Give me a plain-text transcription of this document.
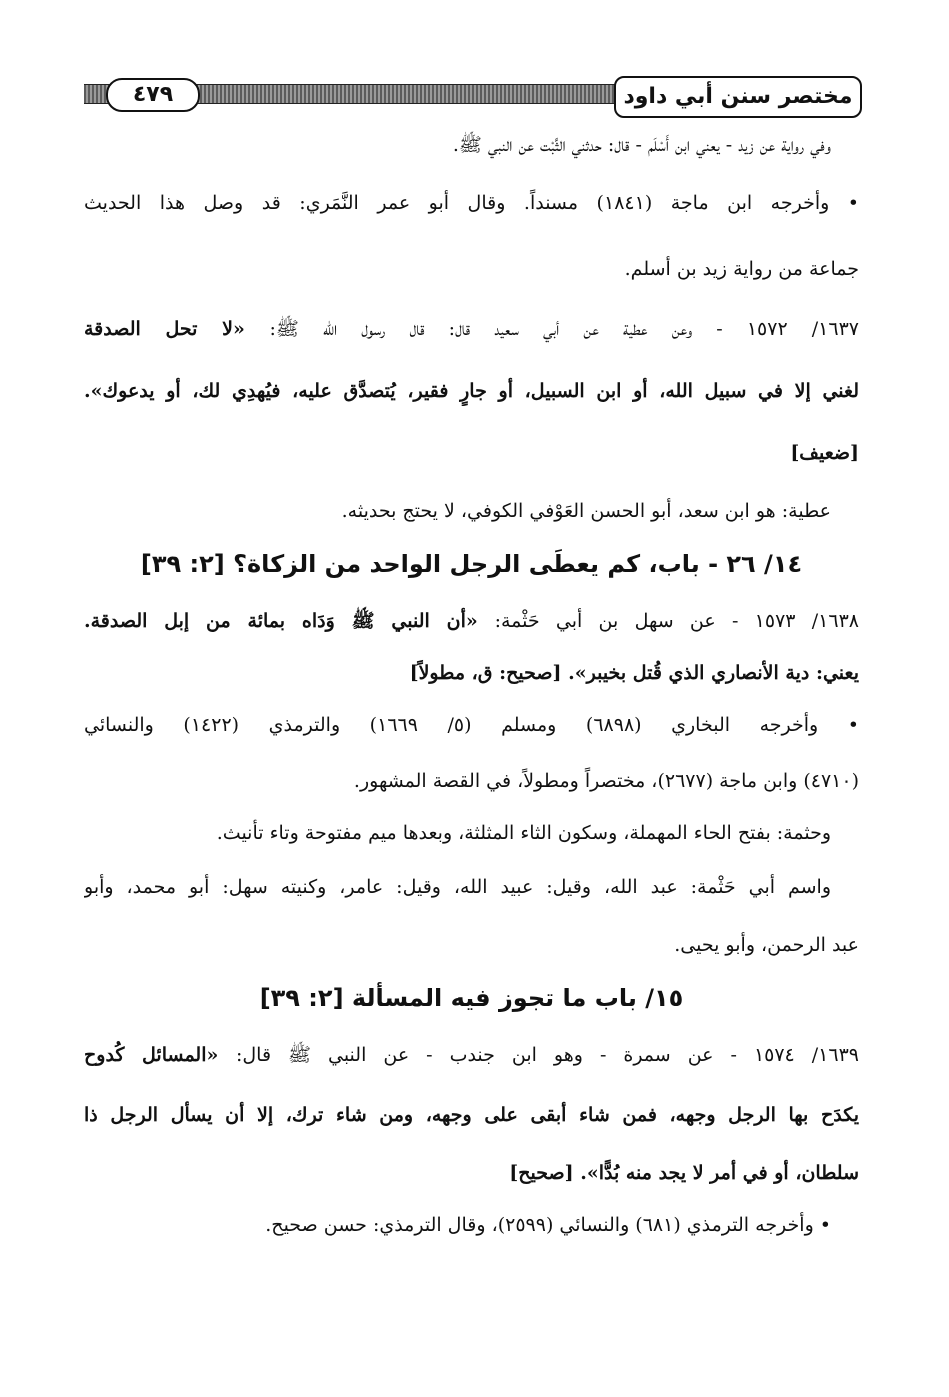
٤٧٩	مختصر سنن أبي داود

وفي رواية عن زيد - يعني ابن أَسْلَم - قال: حدثني الثَّبْت عن النبي ﷺ.

• وأخرجه ابن ماجة (١٨٤١) مسنداً. وقال أبو عمر النَّمَري: قد وصل هذا الحديث

جماعة من رواية زيد بن أسلم.

١٦٣٧/ ١٥٧٢ - وعن عطية عن أبي سعيد قال: قال رسول الله ﷺ: «لا تحل الصدقة

لغني إلا في سبيل الله، أو ابن السبيل، أو جارٍ فقير، يُتصدَّق عليه، فيُهدِي لك، أو يدعوك».

[ضعيف]

عطية: هو ابن سعد، أبو الحسن العَوْفي الكوفي، لا يحتج بحديثه.

١٤/ ٢٦ - باب، كم يعطَى الرجل الواحد من الزكاة؟ [٢: ٣٩]

١٦٣٨/ ١٥٧٣ - عن سهل بن أبي حَثْمة: «أن النبي ﷺ وَدَاه بمائة من إبل الصدقة.

يعني: دية الأنصاري الذي قُتل بخيبر». [صحيح: ق، مطولاً]

• وأخرجه البخاري (٦٨٩٨) ومسلم (٥/ ١٦٦٩) والترمذي (١٤٢٢) والنسائي

(٤٧١٠) وابن ماجة (٢٦٧٧)، مختصراً ومطولاً، في القصة المشهور.

وحثمة: بفتح الحاء المهملة، وسكون الثاء المثلثة، وبعدها ميم مفتوحة وتاء تأنيث.

واسم أبي حَثْمة: عبد الله، وقيل: عبيد الله، وقيل: عامر، وكنيته سهل: أبو محمد، وأبو

عبد الرحمن، وأبو يحيى.

١٥/ باب ما تجوز فيه المسألة [٢: ٣٩]

١٦٣٩/ ١٥٧٤ - عن سمرة - وهو ابن جندب - عن النبي ﷺ قال: «المسائل كُدوح

يكدَح بها الرجل وجهه، فمن شاء أبقى على وجهه، ومن شاء ترك، إلا أن يسأل الرجل ذا

سلطان، أو في أمر لا يجد منه بُدًّا». [صحيح]

• وأخرجه الترمذي (٦٨١) والنسائي (٢٥٩٩)، وقال الترمذي: حسن صحيح.
